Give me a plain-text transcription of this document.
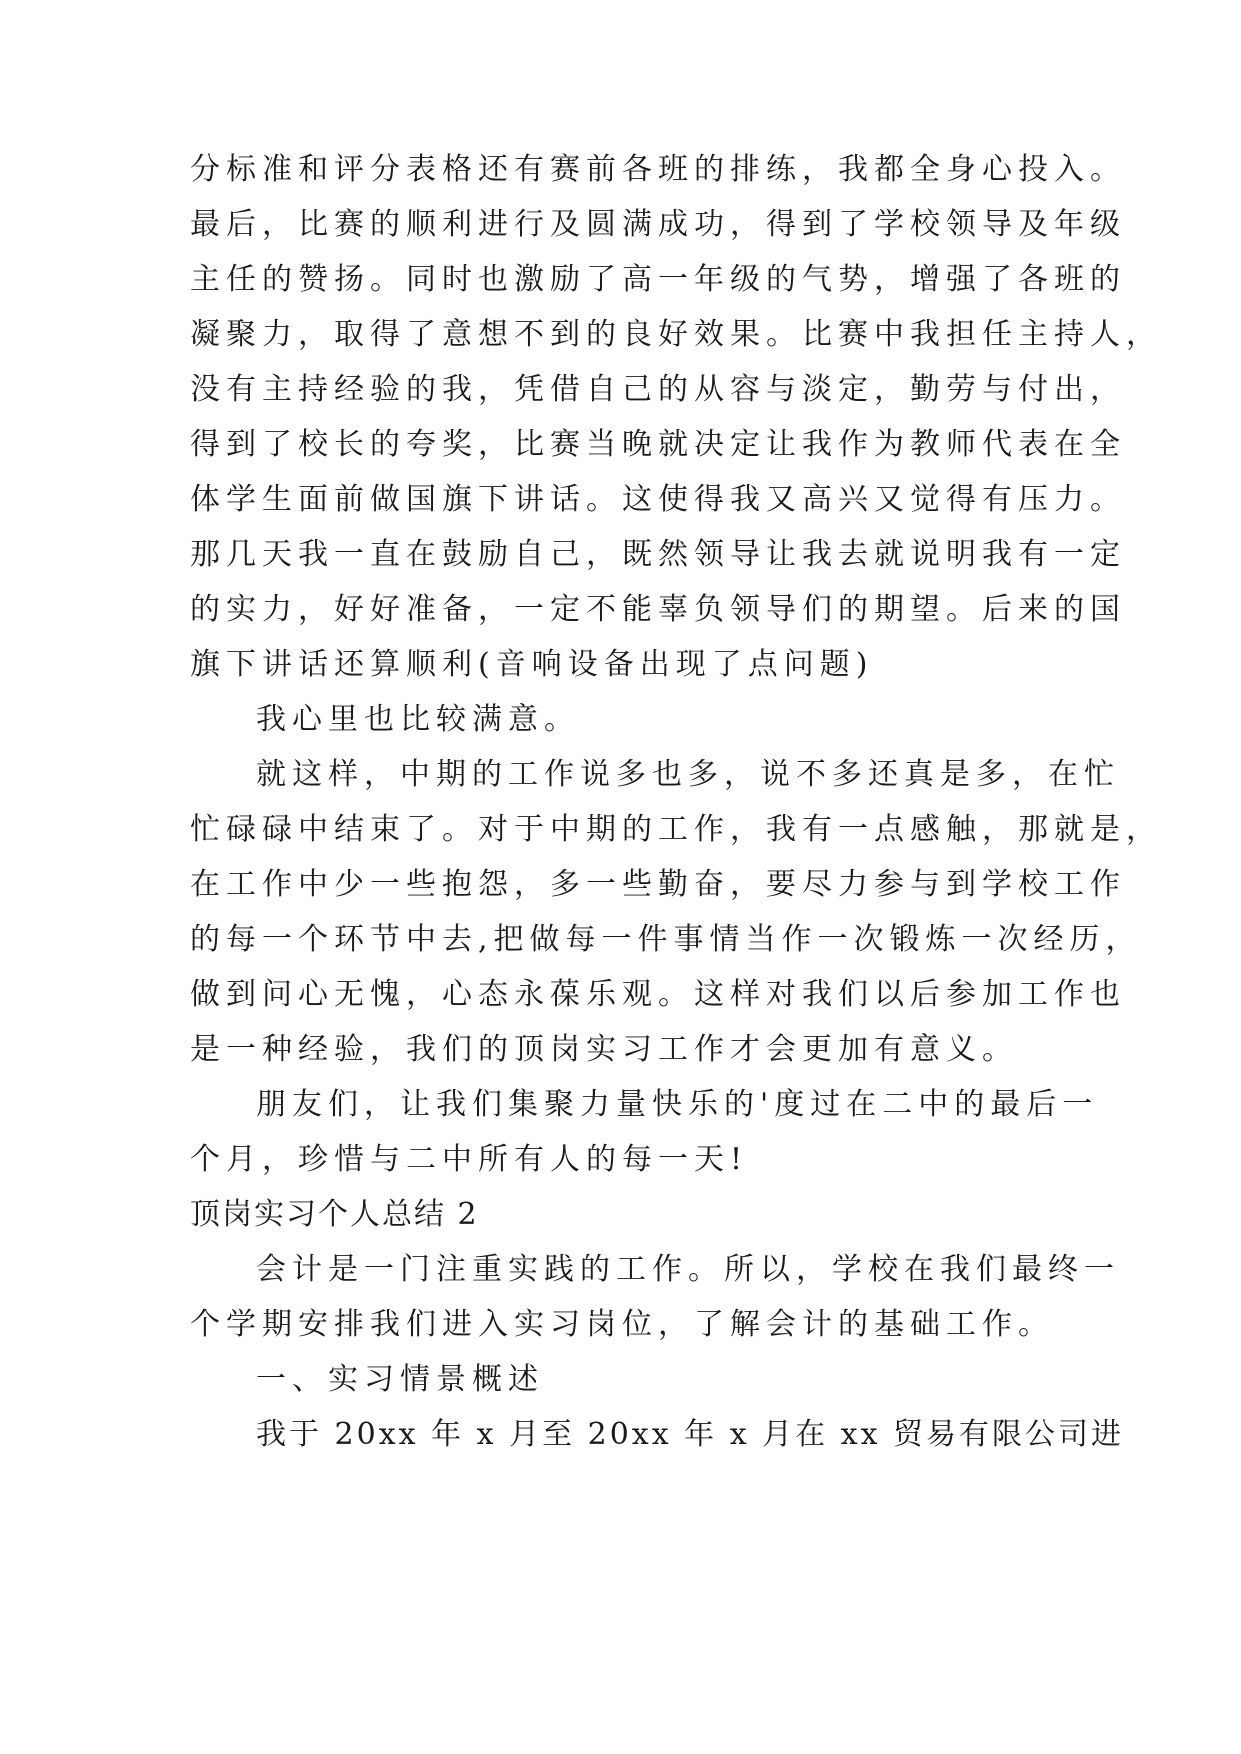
分标准和评分表格还有赛前各班的排练，我都全身心投入。
最后，比赛的顺利进行及圆满成功，得到了学校领导及年级
主任的赞扬。同时也激励了高一年级的气势，增强了各班的
凝聚力，取得了意想不到的良好效果。比赛中我担任主持人，
没有主持经验的我，凭借自己的从容与淡定，勤劳与付出，
得到了校长的夸奖，比赛当晚就决定让我作为教师代表在全
体学生面前做国旗下讲话。这使得我又高兴又觉得有压力。
那几天我一直在鼓励自己，既然领导让我去就说明我有一定
的实力，好好准备，一定不能辜负领导们的期望。后来的国
旗下讲话还算顺利(音响设备出现了点问题)
我心里也比较满意。
就这样，中期的工作说多也多，说不多还真是多，在忙
忙碌碌中结束了。对于中期的工作，我有一点感触，那就是，
在工作中少一些抱怨，多一些勤奋，要尽力参与到学校工作
的每一个环节中去,把做每一件事情当作一次锻炼一次经历，
做到问心无愧，心态永葆乐观。这样对我们以后参加工作也
是一种经验，我们的顶岗实习工作才会更加有意义。
朋友们，让我们集聚力量快乐的'度过在二中的最后一
个月，珍惜与二中所有人的每一天!
顶岗实习个人总结 2
会计是一门注重实践的工作。所以，学校在我们最终一
个学期安排我们进入实习岗位，了解会计的基础工作。
一、实习情景概述
我于 20xx 年 x 月至 20xx 年 x 月在 xx 贸易有限公司进
